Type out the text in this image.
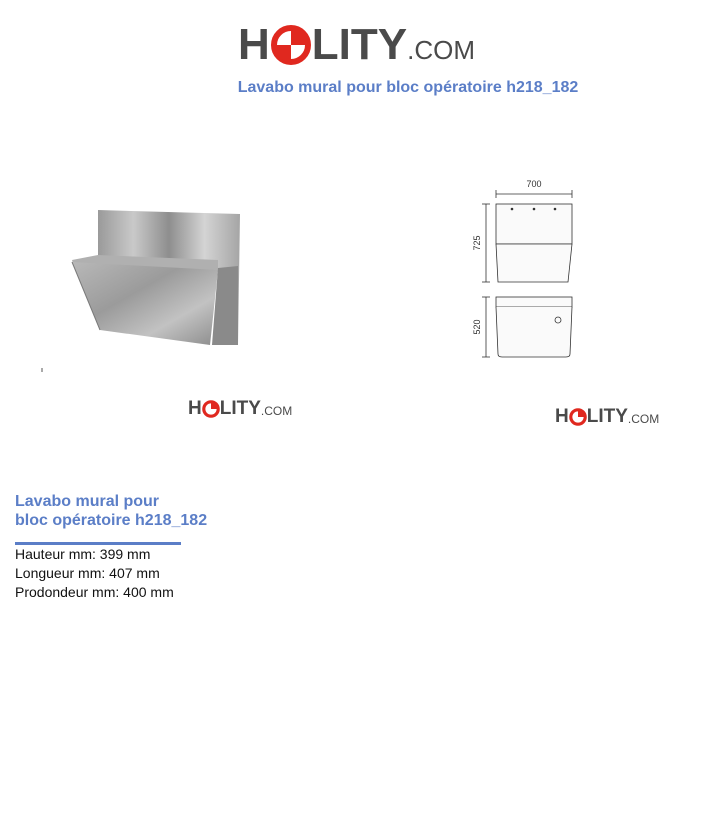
H LITY .COM
Lavabo mural pour bloc opératoire h218_182
700
725
520
H LITY .COM	H LITY .COM
Lavabo mural pour
bloc opératoire h218_182
Hauteur mm: 399 mm
Longueur mm: 407 mm
Prodondeur mm: 400 mm
